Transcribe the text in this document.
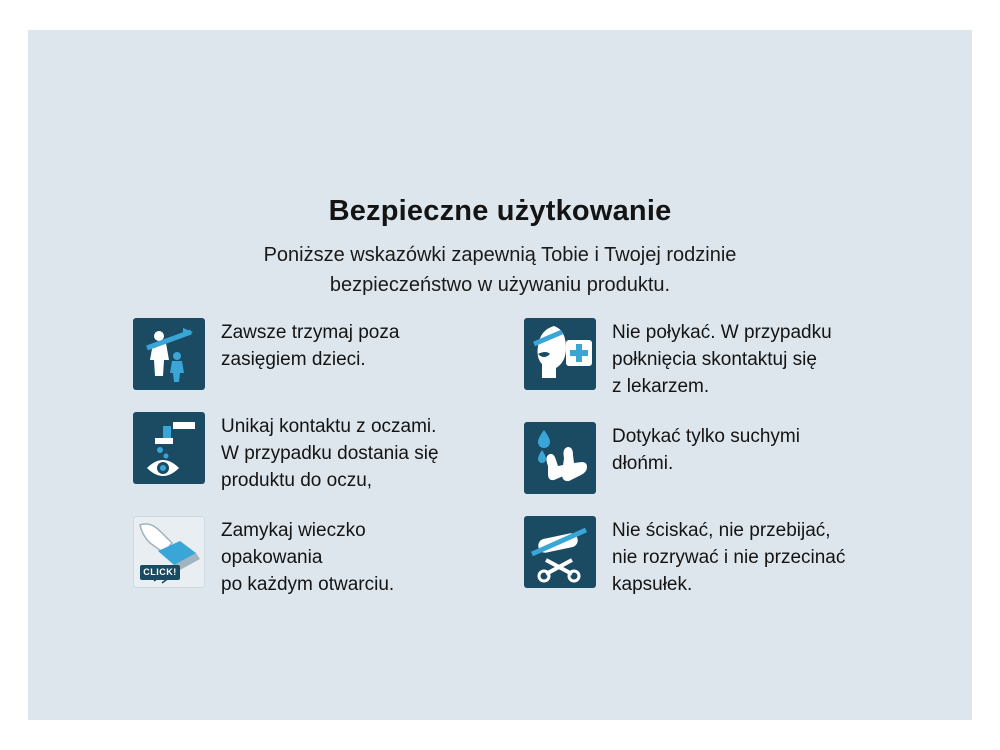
Bezpieczne użytkowanie
Poniższe wskazówki zapewnią Tobie i Twojej rodzinie
bezpieczeństwo w używaniu produktu.
Zawsze trzymaj poza
zasięgiem dzieci.
Unikaj kontaktu z oczami.
W przypadku dostania się
produktu do oczu,
CLICK!
Zamykaj wieczko
opakowania
po każdym otwarciu.
Nie połykać. W przypadku
połknięcia skontaktuj się
z lekarzem.
Dotykać tylko suchymi
dłońmi.
Nie ściskać, nie przebijać,
nie rozrywać i nie przecinać
kapsułek.
